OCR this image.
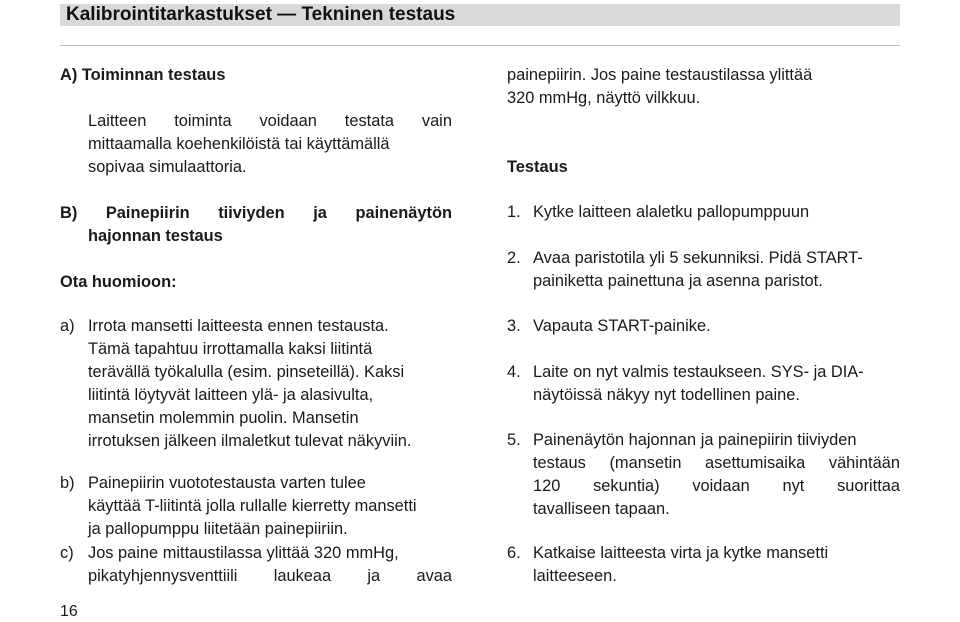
Kalibrointitarkastukset — Tekninen testaus
A) Toiminnan testaus
Laitteen toiminta voidaan testata vain
mittaamalla koehenkilöistä tai käyttämällä
sopivaa simulaattoria.
B) Painepiirin tiiviyden ja painenäytön
hajonnan testaus
Ota huomioon:
a) Irrota mansetti laitteesta ennen testausta.
Tämä tapahtuu irrottamalla kaksi liitintä
terävällä työkalulla (esim. pinseteillä). Kaksi
liitintä löytyvät laitteen ylä- ja alasivulta,
mansetin molemmin puolin. Mansetin
irrotuksen jälkeen ilmaletkut tulevat näkyviin.
b) Painepiirin vuototestausta varten tulee
käyttää T-liitintä jolla rullalle kierretty mansetti
ja pallopumppu liitetään painepiiriin.
c) Jos paine mittaustilassa ylittää 320 mmHg,
pikatyhjennysventtiili laukeaa ja avaa
painepiirin. Jos paine testaustilassa ylittää
320 mmHg, näyttö vilkkuu.
Testaus
1. Kytke laitteen alaletku pallopumppuun
2. Avaa paristotila yli 5 sekunniksi. Pidä START-
painiketta painettuna ja asenna paristot.
3. Vapauta START-painike.
4. Laite on nyt valmis testaukseen. SYS- ja DIA-
näytöissä näkyy nyt todellinen paine.
5. Painenäytön hajonnan ja painepiirin tiiviyden
testaus (mansetin asettumisaika vähintään
120 sekuntia) voidaan nyt suorittaa
tavalliseen tapaan.
6. Katkaise laitteesta virta ja kytke mansetti
laitteeseen.
16
